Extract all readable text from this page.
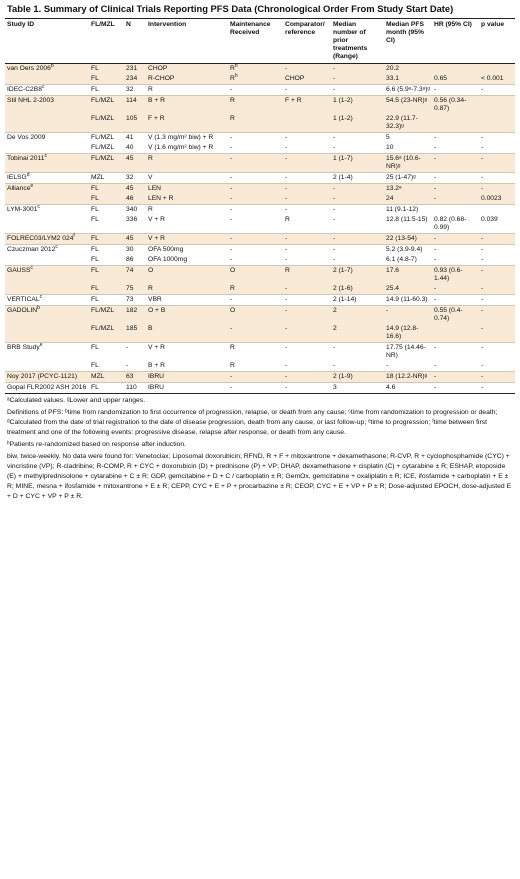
Table 1. Summary of Clinical Trials Reporting PFS Data (Chronological Order From Study Start Date)
Study ID	FL/MZL	N	Intervention	Maintenance Received	Comparator/ reference	Median number of prior treatments (Range)	Median PFS month (95% CI)	HR (95% CI)	p value
van Oers 2006$^b$	FL	231	CHOP	$R^h$	-	-	20.2		
	FL	234	R-CHOP	$R^h$	CHOP	-	33.1	0.65	< 0.001
IDEC-C2B8$^c$	FL	32	R	-	-	-	6.6 (5.9ᵃ-7.3ᵃ)ᵍ	-	-
Stil NHL 2-2003	FL/MZL	114	B + R	R	F + R	1 (1-2)	54.5 (23-NR)ᵍ	0.56 (0.34-0.87)	
	FL/MZL	105	F + R	R		1 (1-2)	22.9 (11.7-32.3)ᵍ		
De Vos 2009	FL/MZL	41	V (1.3 mg/m² biw) + R	-	-	-	5	-	-
	FL/MZL	40	V (1.6 mg/m² biw) + R	-	-	-	10	-	-
Tobinai 2011$^c$	FL/MZL	45	R	-	-	1 (1-7)	15.6ᵃ (10.6-NR)ᵍ	-	-
IELSG$^d$	MZL	32	V	-	-	2 (1-4)	25 (1-47)ᵍ	-	-
Alliance$^e$	FL	45	LEN	-	-	-	13.2ᵃ	-	-
	FL	46	LEN + R	-	-	-	24	-	0.0023
LYM-3001$^c$	FL	340	R	-	-	-	11 (9.1-12)		
	FL	336	V + R	-	R	-	12.8 (11.5-15)	0.82 (0.68-0.99)	0.039
FOLREC03/LYM2 024$^f$	FL	45	V + R	-	-	-	22 (13-54)	-	-
Czuczman 2012$^c$	FL	30	OFA 500mg	-	-	-	5.2 (3.9-9.4)	-	-
	FL	86	OFA 1000mg	-	-	-	6.1 (4.8-7)	-	-
GAUSS$^c$	FL	74	O	O	R	2 (1-7)	17.6	0.93 (0.6-1.44)	-
	FL	75	R	R	-	2 (1-6)	25.4	-	-
VERTICAL$^c$	FL	73	VBR	-	-	2 (1-14)	14.9 (11-60.3)	-	-
GADOLIN$^b$	FL/MZL	182	O + B	O	-	2	-	0.55 (0.4-0.74)	-
	FL/MZL	185	B	-	-	2	14.9 (12.8-16.6)		-
BRB Study$^e$	FL	-	V + R	R	-	-	17.75 (14.46-NR)	-	-
	FL	-	B + R	R	-	-	-	-	-
Noy 2017 (PCYC-1121)	MZL	63	IBRU	-	-	2 (1-9)	18 (12.2-NR)ᵍ	-	-
Gopal FLR2002 ASH 2016	FL	110	IBRU	-	-	3	4.6	-	-

ᵃCalculated values. ᵍLower and upper ranges.

Definitions of PFS: ᵇtime from randomization to first occurrence of progression, relapse, or death from any cause; ᶜtime from randomization to progression or death; ᵈCalculated from the date of trial registration to the date of disease progression, death from any cause, or last follow-up; ᵉtime to progression; ᶠtime between first treatment and one of the following events: progressive disease, relapse after response, or death from any cause.

ʰPatients re-randomized based on response after induction.

biw, twice-weekly. No data were found for: Venetoclax; Liposomal doxorubicin; RFND, R + F + mitoxantrone + dexamethasone; R-CVP, R + cyclophosphamide (CYC) + vincristine (VP); R-cladribine; R-COMP, R + CYC + doxorubicin (D) + prednisone (P) + VP; DHAP, dexamethasone + cisplatin (C) + cytarabine ± R; ESHAP, etoposide (E) + methylprednisolone + cytarabine + C ± R; GDP, gemcitabine + D + C / carboplatin ± R; GemOx, gemcitabine + oxaliplatin ± R; ICE, ifosfamide + carboplatin + E ± R; MINE, mesna + ifosfamide + mitoxantrone + E ± R; CEPP, CYC + E + P + procarbazine ± R; CEOP, CYC + E + VP + P ± R; Dose-adjusted EPOCH, dose-adjusted E + D + CYC + VP + P ± R.
